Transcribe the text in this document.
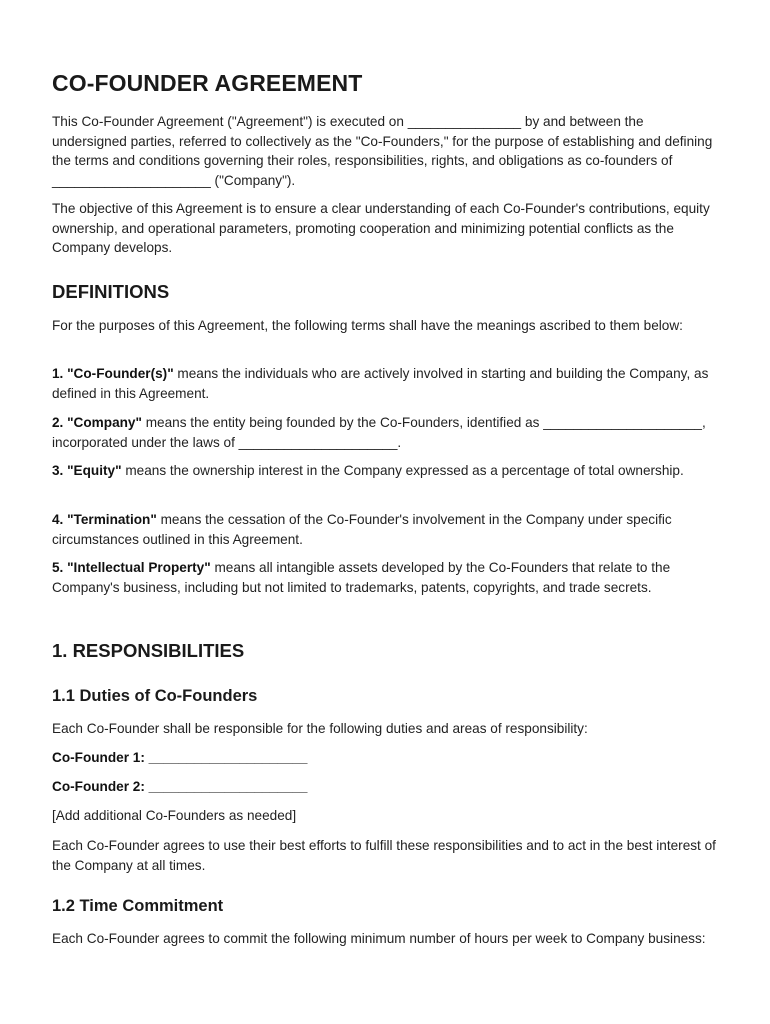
CO-FOUNDER AGREEMENT

This Co-Founder Agreement ("Agreement") is executed on _______________ by and between the undersigned parties, referred to collectively as the "Co-Founders," for the purpose of establishing and defining the terms and conditions governing their roles, responsibilities, rights, and obligations as co-founders of _____________________ ("Company").

The objective of this Agreement is to ensure a clear understanding of each Co-Founder's contributions, equity ownership, and operational parameters, promoting cooperation and minimizing potential conflicts as the Company develops.

DEFINITIONS

For the purposes of this Agreement, the following terms shall have the meanings ascribed to them below:

1. "Co-Founder(s)" means the individuals who are actively involved in starting and building the Company, as defined in this Agreement.

2. "Company" means the entity being founded by the Co-Founders, identified as _____________________, incorporated under the laws of _____________________.

3. "Equity" means the ownership interest in the Company expressed as a percentage of total ownership.

4. "Termination" means the cessation of the Co-Founder's involvement in the Company under specific circumstances outlined in this Agreement.

5. "Intellectual Property" means all intangible assets developed by the Co-Founders that relate to the Company's business, including but not limited to trademarks, patents, copyrights, and trade secrets.

1. RESPONSIBILITIES
1.1 Duties of Co-Founders

Each Co-Founder shall be responsible for the following duties and areas of responsibility:

Co-Founder 1: _____________________

Co-Founder 2: _____________________

[Add additional Co-Founders as needed]

Each Co-Founder agrees to use their best efforts to fulfill these responsibilities and to act in the best interest of the Company at all times.

1.2 Time Commitment

Each Co-Founder agrees to commit the following minimum number of hours per week to Company business:
